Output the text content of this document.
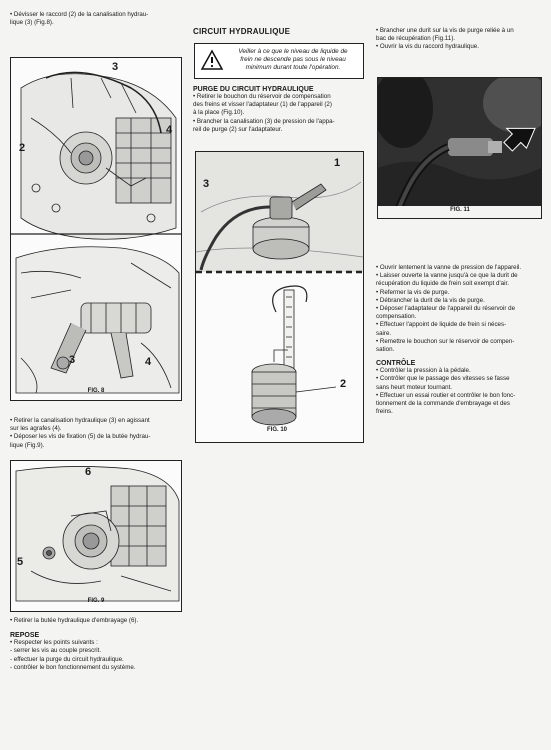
• Dévisser le raccord (2) de la canalisation hydrau-

lique (3) (Fig.8).

3
2
4
3	4
FIG. 8

• Retirer la canalisation hydraulique (3) en agissant

sur les agrafes (4).

• Déposer les vis de fixation (5) de la butée hydrau-

lique (Fig.9).

6
5
FIG. 9

• Retirer la butée hydraulique d'embrayage (6).

REPOSE

• Respecter les points suivants :

- serrer les vis au couple prescrit.

- effectuer la purge du circuit hydraulique.

- contrôler le bon fonctionnement du système.

CIRCUIT HYDRAULIQUE

Veiller à ce que le niveau de liquide de
frein ne descende pas sous le niveau
minimum durant toute l'opération.

PURGE DU CIRCUIT HYDRAULIQUE

• Retirer le bouchon du réservoir de compensation

des freins et visser l'adaptateur (1) de l'appareil (2)

à la place (Fig.10).

• Brancher la canalisation (3) de pression de l'appa-

reil de purge (2) sur l'adaptateur.

1
3
2
FIG. 10

• Brancher une durit sur la vis de purge reliée à un

bac de récupération (Fig.11).

• Ouvrir la vis du raccord hydraulique.

FIG. 11

• Ouvrir lentement la vanne de pression de l'appareil.

• Laisser ouverte la vanne jusqu'à ce que la durit de

récupération du liquide de frein soit exempt d'air.

• Refermer la vis de purge.

• Débrancher la durit de la vis de purge.

• Déposer l'adaptateur de l'appareil du réservoir de

compensation.

• Effectuer l'appoint de liquide de frein si néces-

saire.

• Remettre le bouchon sur le réservoir de compen-

sation.

CONTRÔLE

• Contrôler la pression à la pédale.

• Contrôler que le passage des vitesses se fasse

sans heurt moteur tournant.

• Effectuer un essai routier et contrôler le bon fonc-

tionnement de la commande d'embrayage et des

freins.
